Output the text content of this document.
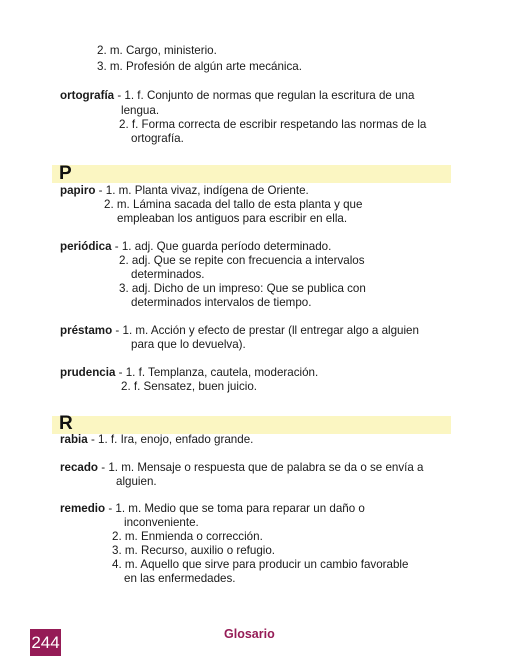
2. m. Cargo, ministerio.
3. m. Profesión de algún arte mecánica.
ortografía - 1. f. Conjunto de normas que regulan la escritura de una
lengua.
2. f. Forma correcta de escribir respetando las normas de la
ortografía.
P
papiro - 1. m. Planta vivaz, indígena de Oriente.
2. m. Lámina sacada del tallo de esta planta y que
empleaban los antiguos para escribir en ella.
periódica - 1. adj. Que guarda período determinado.
2. adj. Que se repite con frecuencia a intervalos
determinados.
3. adj. Dicho de un impreso: Que se publica con
determinados intervalos de tiempo.
préstamo - 1. m. Acción y efecto de prestar (ll entregar algo a alguien
para que lo devuelva).
prudencia - 1. f. Templanza, cautela, moderación.
2. f. Sensatez, buen juicio.
R
rabia - 1. f. Ira, enojo, enfado grande.
recado - 1. m. Mensaje o respuesta que de palabra se da o se envía a
alguien.
remedio - 1. m. Medio que se toma para reparar un daño o
inconveniente.
2. m. Enmienda o corrección.
3. m. Recurso, auxilio o refugio.
4. m. Aquello que sirve para producir un cambio favorable
en las enfermedades.
244	Glosario
